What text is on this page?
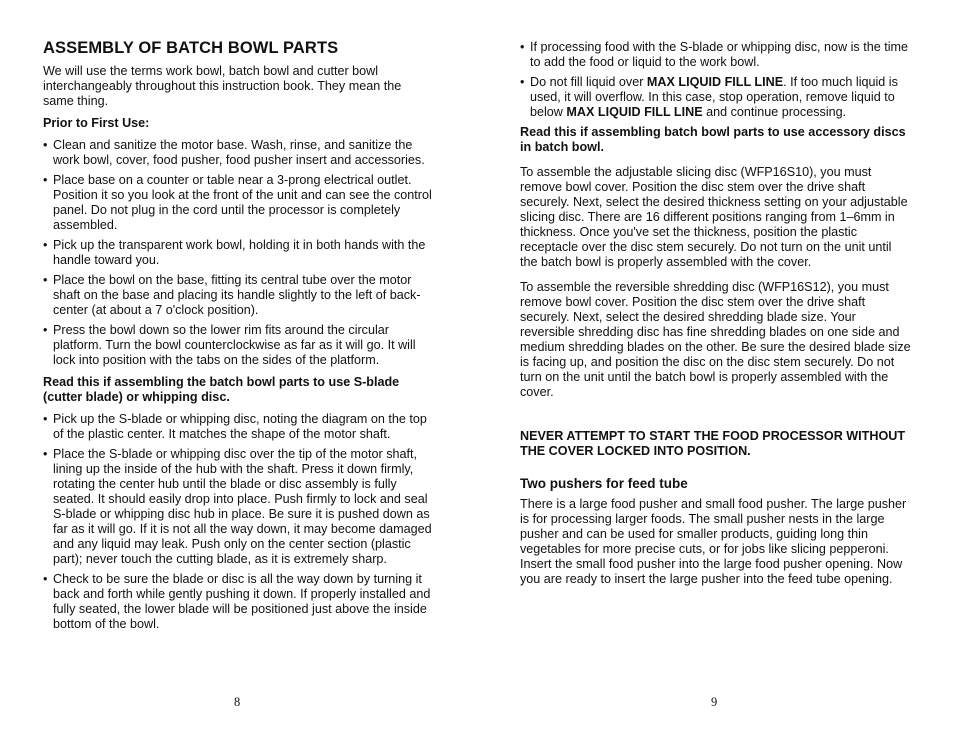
ASSEMBLY OF BATCH BOWL PARTS

We will use the terms work bowl, batch bowl and cutter bowl interchangeably throughout this instruction book. They mean the same thing.

Prior to First Use:

• Clean and sanitize the motor base. Wash, rinse, and sanitize the work bowl, cover, food pusher, food pusher insert and accessories.
• Place base on a counter or table near a 3-prong electrical outlet. Position it so you look at the front of the unit and can see the control panel. Do not plug in the cord until the processor is completely assembled.
• Pick up the transparent work bowl, holding it in both hands with the handle toward you.
• Place the bowl on the base, fitting its central tube over the motor shaft on the base and placing its handle slightly to the left of back-center (at about a 7 o'clock position).
• Press the bowl down so the lower rim fits around the circular platform. Turn the bowl counterclockwise as far as it will go. It will lock into position with the tabs on the sides of the platform.

Read this if assembling the batch bowl parts to use S-blade (cutter blade) or whipping disc.

• Pick up the S-blade or whipping disc, noting the diagram on the top of the plastic center. It matches the shape of the motor shaft.
• Place the S-blade or whipping disc over the tip of the motor shaft, lining up the inside of the hub with the shaft. Press it down firmly, rotating the center hub until the blade or disc assembly is fully seated. It should easily drop into place. Push firmly to lock and seal S-blade or whipping disc hub in place. Be sure it is pushed down as far as it will go. If it is not all the way down, it may become damaged and any liquid may leak. Push only on the center section (plastic part); never touch the cutting blade, as it is extremely sharp.
• Check to be sure the blade or disc is all the way down by turning it back and forth while gently pushing it down. If properly installed and fully seated, the lower blade will be positioned just above the inside bottom of the bowl.
8
• If processing food with the S-blade or whipping disc, now is the time to add the food or liquid to the work bowl.
• Do not fill liquid over MAX LIQUID FILL LINE. If too much liquid is used, it will overflow. In this case, stop operation, remove liquid to below MAX LIQUID FILL LINE and continue processing.

Read this if assembling batch bowl parts to use accessory discs in batch bowl.

To assemble the adjustable slicing disc (WFP16S10), you must remove bowl cover. Position the disc stem over the drive shaft securely. Next, select the desired thickness setting on your adjustable slicing disc. There are 16 different positions ranging from 1–6mm in thickness. Once you've set the thickness, position the plastic receptacle over the disc stem securely. Do not turn on the unit until the batch bowl is properly assembled with the cover.

To assemble the reversible shredding disc (WFP16S12), you must remove bowl cover. Position the disc stem over the drive shaft securely. Next, select the desired shredding blade size. Your reversible shredding disc has fine shredding blades on one side and medium shredding blades on the other. Be sure the desired blade size is facing up, and position the disc on the disc stem securely. Do not turn on the unit until the batch bowl is properly assembled with the cover.

NEVER ATTEMPT TO START THE FOOD PROCESSOR WITHOUT THE COVER LOCKED INTO POSITION.

Two pushers for feed tube

There is a large food pusher and small food pusher. The large pusher is for processing larger foods. The small pusher nests in the large pusher and can be used for smaller products, guiding long thin vegetables for more precise cuts, or for jobs like slicing pepperoni. Insert the small food pusher into the large food pusher opening. Now you are ready to insert the large pusher into the feed tube opening.

9
